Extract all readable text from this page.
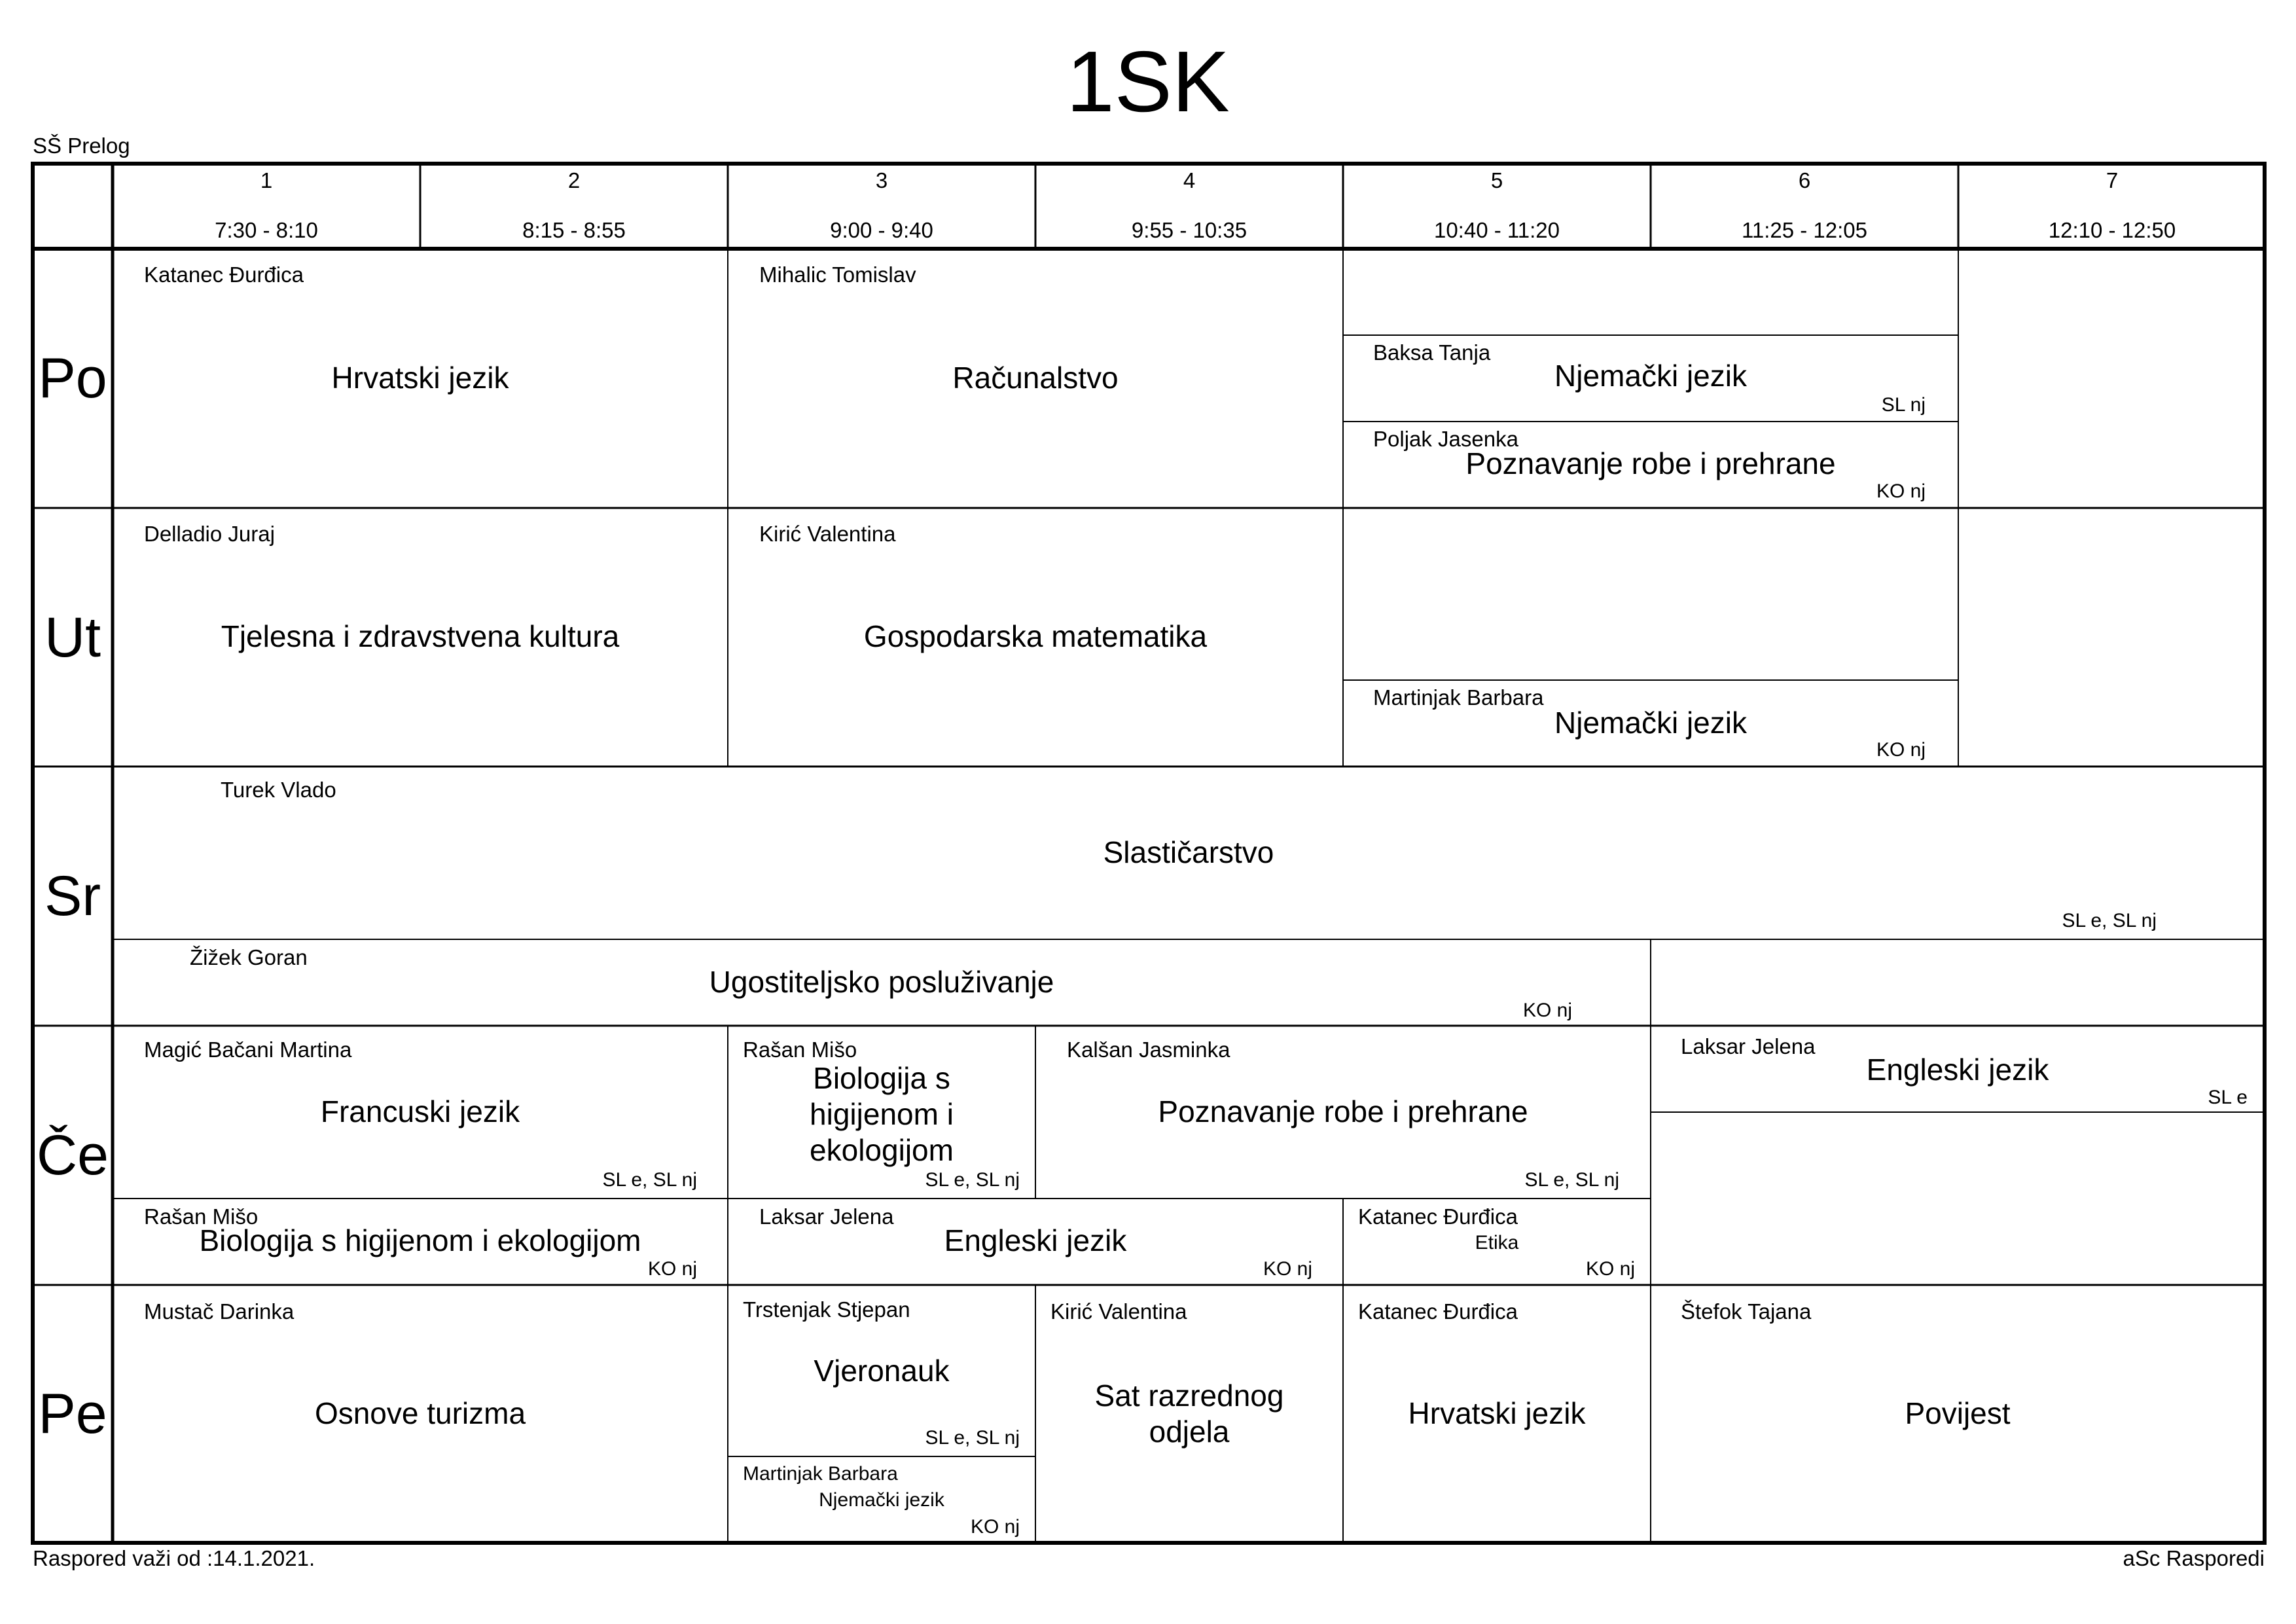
1SK
SŠ Prelog
1
7:30 - 8:10
2
8:15 - 8:55
3
9:00 - 9:40
4
9:55 - 10:35
5
10:40 - 11:20
6
11:25 - 12:05
7
12:10 - 12:50
Po
Ut
Sr
Če
Pe
Katanec Đurđica
Hrvatski jezik
Mihalic Tomislav
Računalstvo
Baksa Tanja
Njemački jezik
SL nj
Poljak Jasenka
Poznavanje robe i prehrane
KO nj
Delladio Juraj
Tjelesna i zdravstvena kultura
Kirić Valentina
Gospodarska matematika
Martinjak Barbara
Njemački jezik
KO nj
Turek Vlado
Slastičarstvo
SL e, SL nj
Žižek Goran
Ugostiteljsko posluživanje
KO nj
Magić Bačani Martina
Francuski jezik
SL e, SL nj
Rašan Mišo
Biologija s higijenom i ekologijom
SL e, SL nj
Kalšan Jasminka
Poznavanje robe i prehrane
SL e, SL nj
Laksar Jelena
Engleski jezik
SL e
Rašan Mišo
Biologija s higijenom i ekologijom
KO nj
Laksar Jelena
Engleski jezik
KO nj
Katanec Đurđica
Etika
KO nj
Mustač Darinka
Osnove turizma
Trstenjak Stjepan
Vjeronauk
SL e, SL nj
Martinjak Barbara
Njemački jezik
KO nj
Kirić Valentina
Sat razrednog odjela
Katanec Đurđica
Hrvatski jezik
Štefok Tajana
Povijest
Raspored važi od :14.1.2021.	aSc Rasporedi
